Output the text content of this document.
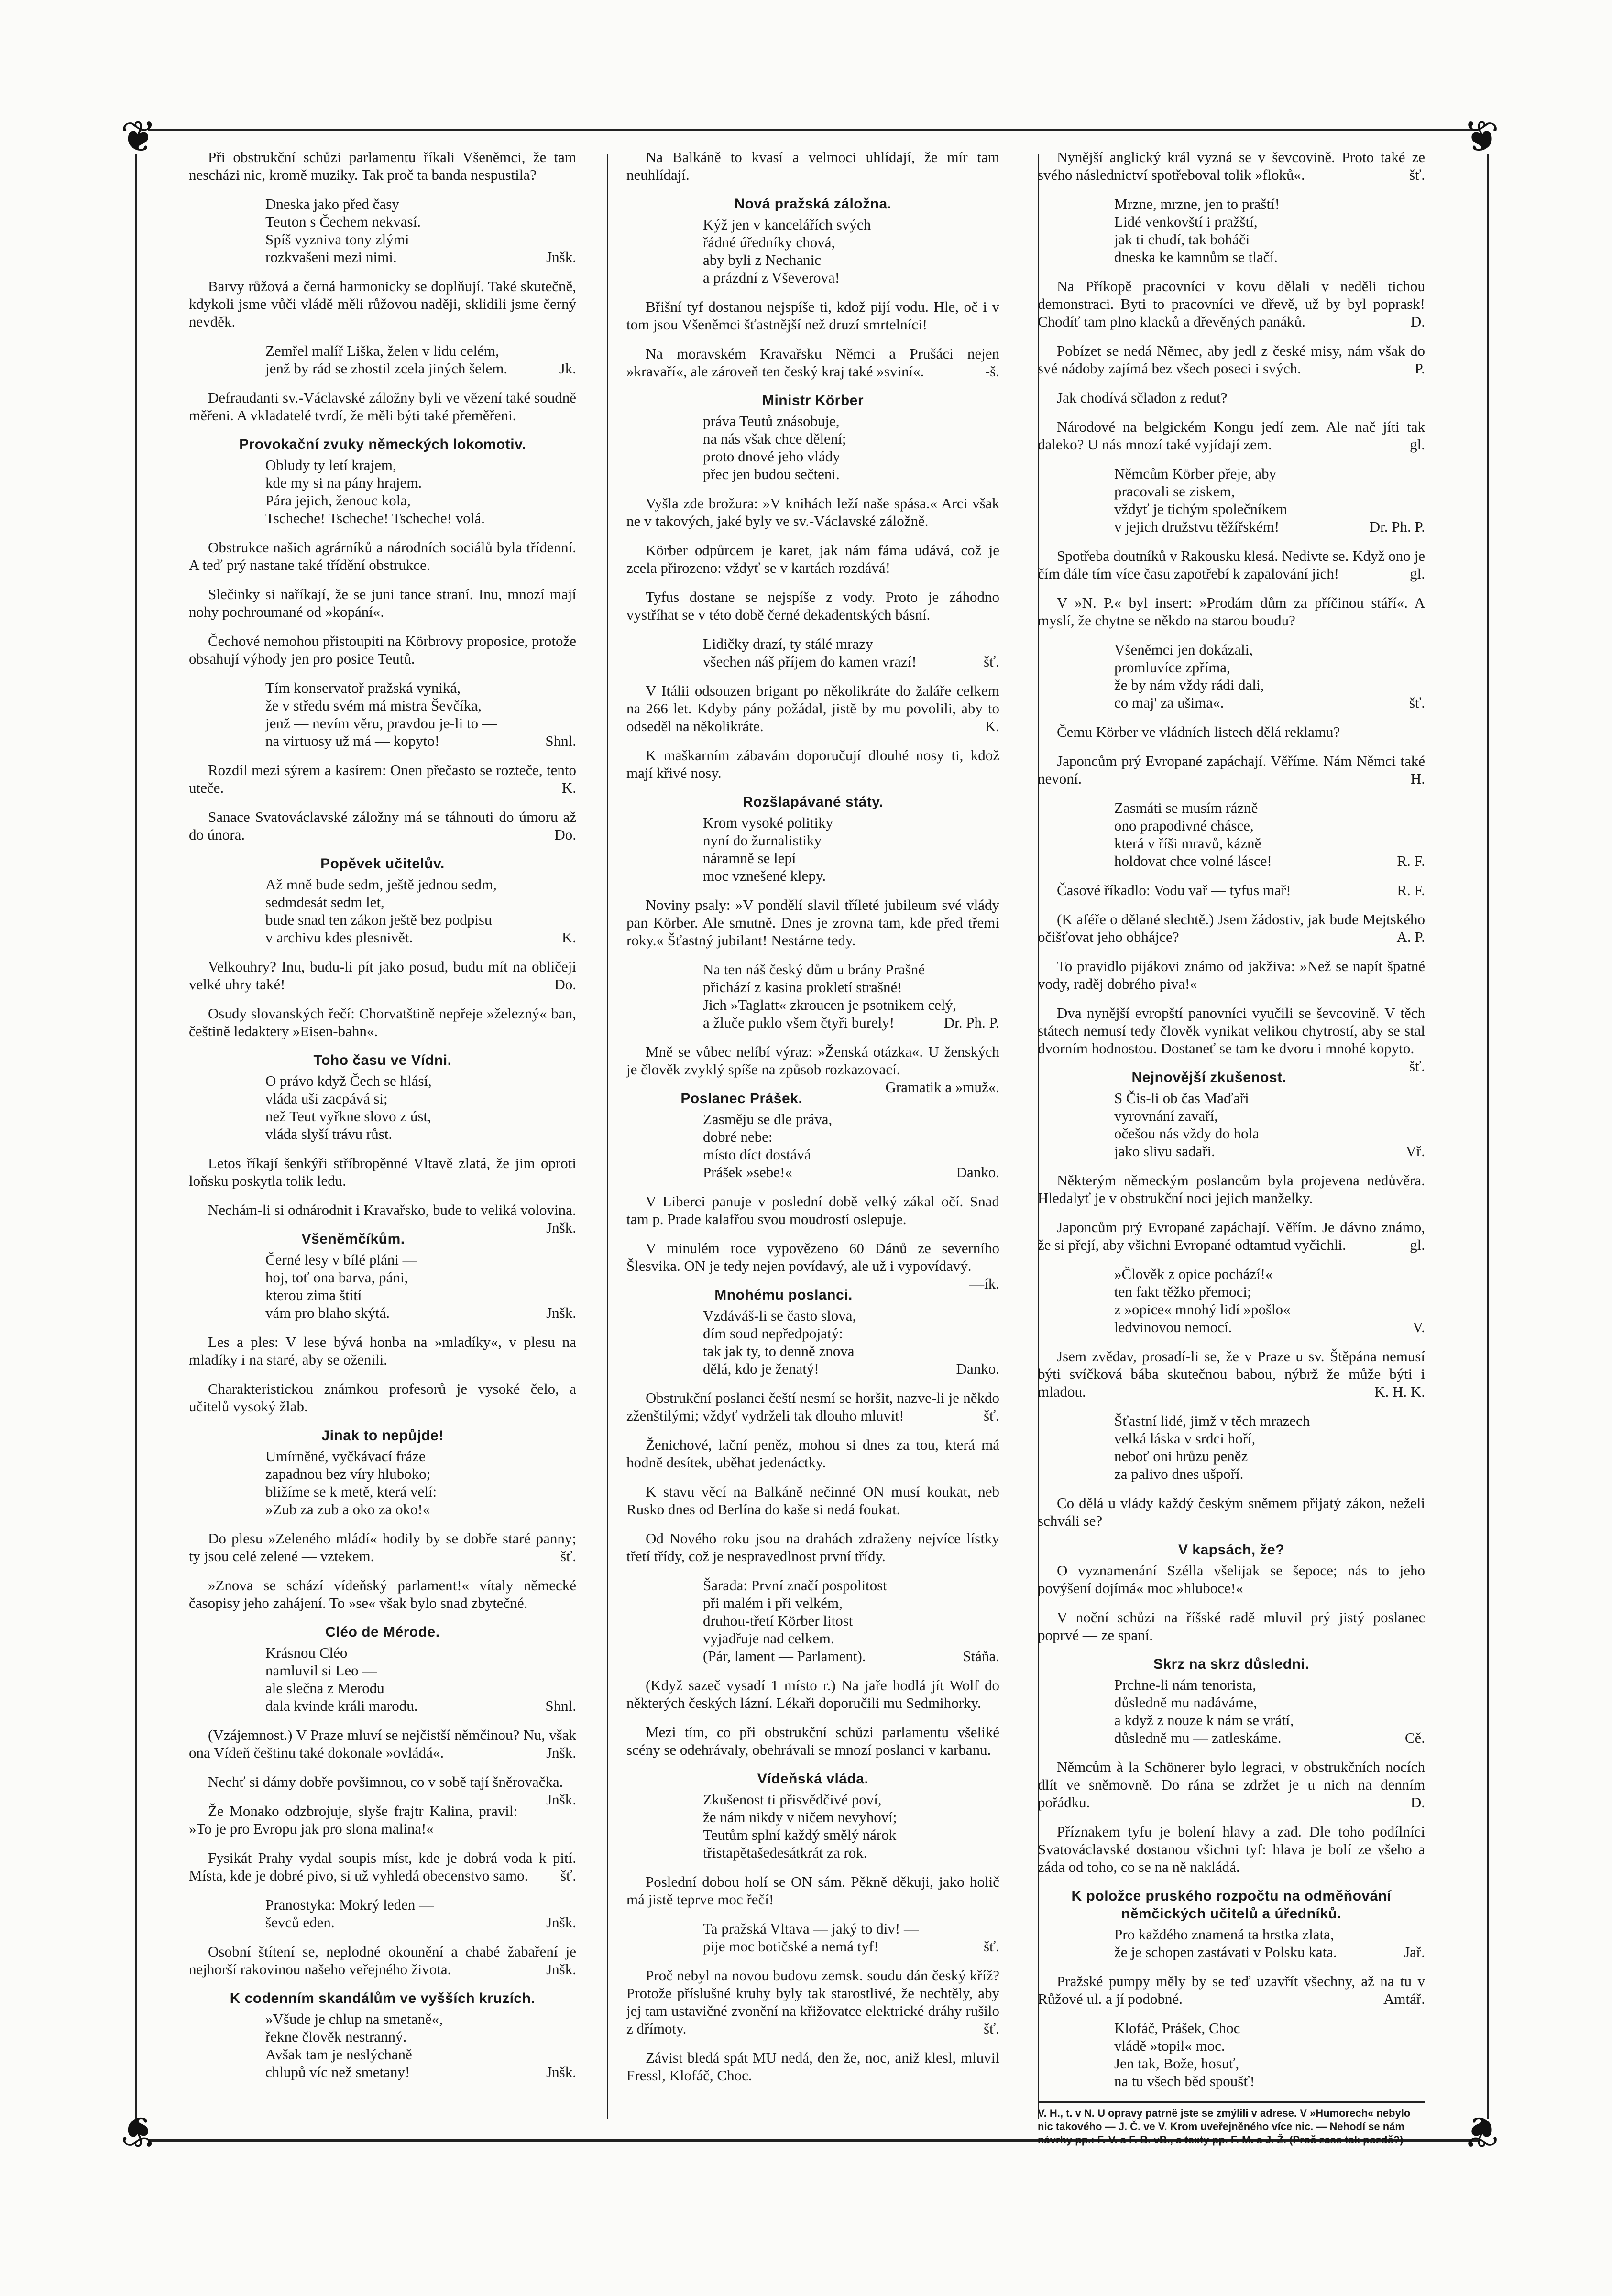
❦	❦
❦	❦

Při obstrukční schůzi parlamentu říkali Všeněmci, že tam nescházi nic, kromě muziky. Tak proč ta banda nespustila?

Dneska jako před časy
Teuton s Čechem nekvasí.
Spíš vyzniva tony zlými
rozkvašeni mezi nimi.	Jnšk.

Barvy růžová a černá harmonicky se doplňují. Také skutečně, kdykoli jsme vůči vládě měli růžovou naději, sklidili jsme černý nevděk.

Zemřel malíř Liška, želen v lidu celém,
jenž by rád se zhostil zcela jiných šelem.	Jk.

Defraudanti sv.-Václavské záložny byli ve vězení také soudně měřeni. A vkladatelé tvrdí, že měli býti také přeměřeni.

Provokační zvuky německých lokomotiv.
Obludy ty letí krajem,
kde my si na pány hrajem.
Pára jejich, ženouc kola,
Tscheche! Tscheche! Tscheche! volá.

Obstrukce našich agrárníků a národních sociálů byla třídenní. A teď prý nastane také třídění obstrukce.

Slečinky si naříkají, že se juni tance straní. Inu, mnozí mají nohy pochroumané od »kopání«.

Čechové nemohou přistoupiti na Körbrovy proposice, protože obsahují výhody jen pro posice Teutů.

Tím konservatoř pražská vyniká,
že v středu svém má mistra Ševčíka,
jenž — nevím věru, pravdou je-li to —
na virtuosy už má — kopyto!	Shnl.

Rozdíl mezi sýrem a kasírem: Onen přečasto se rozteče, tento uteče.	K.

Sanace Svatováclavské záložny má se táhnouti do úmoru až do února.	Do.

Popěvek učitelův.
Až mně bude sedm, ještě jednou sedm,
sedmdesát sedm let,
bude snad ten zákon ještě bez podpisu
v archivu kdes plesnivět.	K.

Velkouhry? Inu, budu-li pít jako posud, budu mít na obličeji velké uhry také!	Do.

Osudy slovanských řečí: Chorvatštině nepřeje »železný« ban, češtině ledaktery »Eisen-bahn«.

Toho času ve Vídni.
O právo když Čech se hlásí,
vláda uši zacpává si;
než Teut vyřkne slovo z úst,
vláda slyší trávu růst.

Letos říkají šenkýři stříbropěnné Vltavě zlatá, že jim oproti loňsku poskytla tolik ledu.

Nechám-li si odnárodnit i Kravařsko, bude to veliká volovina.
Jnšk.

Všeněmčíkům.
Černé lesy v bílé pláni —
hoj, toť ona barva, páni,
kterou zima štítí
vám pro blaho skýtá.	Jnšk.

Les a ples: V lese bývá honba na »mladíky«, v plesu na mladíky i na staré, aby se oženili.

Charakteristickou známkou profesorů je vysoké čelo, a učitelů vysoký žlab.

Jinak to nepůjde!
Umírněné, vyčkávací fráze
zapadnou bez víry hluboko;
bližíme se k metě, která velí:
»Zub za zub a oko za oko!«

Do plesu »Zeleného mládí« hodily by se dobře staré panny; ty jsou celé zelené — vztekem.	šť.

»Znova se schází vídeňský parlament!« vítaly německé časopisy jeho zahájení. To »se« však bylo snad zbytečné.

Cléo de Mérode.
Krásnou Cléo
namluvil si Leo —
ale slečna z Merodu
dala kvinde králi marodu.	Shnl.

(Vzájemnost.) V Praze mluví se nejčistší němčinou? Nu, však ona Vídeň češtinu také dokonale »ovládá«.	Jnšk.

Nechť si dámy dobře povšimnou, co v sobě tají šněrovačka.
Jnšk.

Že Monako odzbrojuje, slyše frajtr Kalina, pravil: »To je pro Evropu jak pro slona malina!«

Fysikát Prahy vydal soupis míst, kde je dobrá voda k pití. Místa, kde je dobré pivo, si už vyhledá obecenstvo samo.	šť.

Pranostyka: Mokrý leden —
ševců eden.	Jnšk.

Osobní štítení se, neplodné okounění a chabé žabaření je nejhorší rakovinou našeho veřejného života.	Jnšk.

K codenním skandálům ve vyšších kruzích.
»Všude je chlup na smetaně«,
řekne člověk nestranný.
Avšak tam je neslýchaně
chlupů víc než smetany!	Jnšk.

Na Balkáně to kvasí a velmoci uhlídají, že mír tam neuhlídají.

Nová pražská záložna.
Kýž jen v kancelářích svých
řádné úředníky chová,
aby byli z Nechanic
a prázdní z Vševerova!

Břišní tyf dostanou nejspíše ti, kdož pijí vodu. Hle, oč i v tom jsou Všeněmci šťastnější než druzí smrtelníci!

Na moravském Kravařsku Němci a Prušáci nejen »kravaří«, ale zároveň ten český kraj také »sviní«.	-š.

Ministr Körber
práva Teutů znásobuje,
na nás však chce dělení;
proto dnové jeho vlády
přec jen budou sečteni.

Vyšla zde brožura: »V knihách leží naše spása.« Arci však ne v takových, jaké byly ve sv.-Václavské záložně.

Körber odpůrcem je karet, jak nám fáma udává, což je zcela přirozeno: vždyť se v kartách rozdává!

Tyfus dostane se nejspíše z vody. Proto je záhodno vystříhat se v této době černé dekadentských básní.

Lidičky drazí, ty stálé mrazy
všechen náš příjem do kamen vrazí!	šť.

V Itálii odsouzen brigant po několikráte do žaláře celkem na 266 let. Kdyby pány požádal, jistě by mu povolili, aby to odseděl na několikráte.	K.

K maškarním zábavám doporučují dlouhé nosy ti, kdož mají křivé nosy.

Rozšlapávané státy.
Krom vysoké politiky
nyní do žurnalistiky
náramně se lepí
moc vznešené klepy.

Noviny psaly: »V pondělí slavil tříleté jubileum své vlády pan Körber. Ale smutně. Dnes je zrovna tam, kde před třemi roky.« Šťastný jubilant! Nestárne tedy.

Na ten náš český dům u brány Prašné
přichází z kasina prokletí strašné!
Jich »Taglatt« zkroucen je psotnikem celý,
a žluče puklo všem čtyři burely!	Dr. Ph. P.

Mně se vůbec nelíbí výraz: »Ženská otázka«. U ženských je člověk zvyklý spíše na způsob rozkazovací.
Gramatik a »muž«.

Poslanec Prášek.
Zasměju se dle práva,
dobré nebe:
místo díct dostává
Prášek »sebe!«	Danko.

V Liberci panuje v poslední době velký zákal očí. Snad tam p. Prade kalafřou svou moudrostí oslepuje.

V minulém roce vypovězeno 60 Dánů ze severního Šlesvika. ON je tedy nejen povídavý, ale už i vypovídavý.
—ík.

Mnohému poslanci.
Vzdáváš-li se často slova,
dím soud nepředpojatý:
tak jak ty, to denně znova
dělá, kdo je ženatý!	Danko.

Obstrukční poslanci čeští nesmí se horšit, nazve-li je někdo zženštilými; vždyť vydrželi tak dlouho mluvit!	šť.

Ženichové, lační peněz, mohou si dnes za tou, která má hodně desítek, uběhat jedenáctky.

K stavu věcí na Balkáně nečinné ON musí koukat, neb Rusko dnes od Berlína do kaše si nedá foukat.

Od Nového roku jsou na drahách zdraženy nejvíce lístky třetí třídy, což je nespravedlnost první třídy.

Šarada: První značí pospolitost
při malém i při velkém,
druhou-třetí Körber litost
vyjadřuje nad celkem.
(Pár, lament — Parlament).	Stáňa.

(Když sazeč vysadí 1 místo r.) Na jaře hodlá jít Wolf do některých českých lázní. Lékaři doporučili mu Sedmihorky.

Mezi tím, co při obstrukční schůzi parlamentu všeliké scény se odehrávaly, obehrávali se mnozí poslanci v karbanu.

Vídeňská vláda.
Zkušenost ti přisvědčivé poví,
že nám nikdy v ničem nevyhoví;
Teutům splní každý smělý nárok
třistapětašedesátkrát za rok.

Poslední dobou holí se ON sám. Pěkně děkuji, jako holič má jistě teprve moc řečí!

Ta pražská Vltava — jaký to div! —
pije moc botičské a nemá tyf!	šť.

Proč nebyl na novou budovu zemsk. soudu dán český kříž? Protože příslušné kruhy byly tak starostlivé, že nechtěly, aby jej tam ustavičné zvonění na křižovatce elektrické dráhy rušilo z dřímoty.	šť.

Závist bledá spát MU nedá, den že, noc, aniž klesl, mluvil Fressl, Klofáč, Choc.

Nynější anglický král vyzná se v ševcovině. Proto také ze svého následnictví spotřeboval tolik »floků«.	šť.

Mrzne, mrzne, jen to praští!
Lidé venkovští i pražští,
jak ti chudí, tak boháči
dneska ke kamnům se tlačí.

Na Příkopě pracovníci v kovu dělali v neděli tichou demonstraci. Byti to pracovníci ve dřevě, už by byl poprask! Chodíť tam plno klacků a dřevěných panáků.	D.

Pobízet se nedá Němec, aby jedl z české misy, nám však do své nádoby zajímá bez všech poseci i svých.	P.

Jak chodívá sčladon z redut?

Národové na belgickém Kongu jedí zem. Ale nač jíti tak daleko? U nás mnozí také vyjídají zem.	gl.

Němcům Körber přeje, aby
pracovali se ziskem,
vždyť je tichým společníkem
v jejich družstvu těžířském!	Dr. Ph. P.

Spotřeba doutníků v Rakousku klesá. Nedivte se. Když ono je čím dále tím více času zapotřebí k zapalování jich!	gl.

V »N. P.« byl insert: »Prodám dům za příčinou stáří«. A myslí, že chytne se někdo na starou boudu?

Všeněmci jen dokázali,
promluvíce zpříma,
že by nám vždy rádi dali,
co maj' za ušima«.	šť.

Čemu Körber ve vládních listech dělá reklamu?

Japoncům prý Evropané zapáchají. Věříme. Nám Němci také nevoní.	H.

Zasmáti se musím rázně
ono prapodivné chásce,
která v říši mravů, kázně
holdovat chce volné lásce!	R. F.

Časové říkadlo: Vodu vař — tyfus mař!	R. F.

(K aféře o dělané slechtě.) Jsem žádostiv, jak bude Mejtského očišťovat jeho obhájce?	A. P.

To pravidlo pijákovi známo od jakživa: »Než se napít špatné vody, raděj dobrého piva!«

Dva nynější evropští panovníci vyučili se ševcovině. V těch státech nemusí tedy člověk vynikat velikou chytrostí, aby se stal dvorním hodnostou. Dostaneť se tam ke dvoru i mnohé kopyto.
šť.

Nejnovější zkušenost.
S Čis-li ob čas Maďaři
vyrovnání zavaří,
očešou nás vždy do hola
jako slivu sadaři.	Vř.

Některým německým poslancům byla projevena nedůvěra. Hledalyť je v obstrukční noci jejich manželky.

Japoncům prý Evropané zapáchají. Věřím. Je dávno známo, že si přejí, aby všichni Evropané odtamtud vyčichli.	gl.

»Člověk z opice pochází!«
ten fakt těžko přemoci;
z »opice« mnohý lidí »pošlo«
ledvinovou nemocí.	V.

Jsem zvědav, prosadí-li se, že v Praze u sv. Štěpána nemusí býti svíčková bába skutečnou babou, nýbrž že může býti i mladou.	K. H. K.

Šťastní lidé, jimž v těch mrazech
velká láska v srdci hoří,
neboť oni hrůzu peněz
za palivo dnes ušpoří.

Co dělá u vlády každý českým sněmem přijatý zákon, neželi schváli se?

V kapsách, že?

O vyznamenání Szélla všelijak se šepoce; nás to jeho povýšení dojímá« moc »hluboce!«

V noční schůzi na říšské radě mluvil prý jistý poslanec poprvé — ze spaní.

Skrz na skrz důsledni.
Prchne-li nám tenorista,
důsledně mu nadáváme,
a když z nouze k nám se vrátí,
důsledně mu — zatleskáme.	Cě.

Němcům à la Schönerer bylo legraci, v obstrukčních nocích dlít ve sněmovně. Do rána se zdržet je u nich na denním pořádku.	D.

Příznakem tyfu je bolení hlavy a zad. Dle toho podílníci Svatováclavské dostanou všichni tyf: hlava je bolí ze všeho a záda od toho, co se na ně nakládá.

K položce pruského rozpočtu na odměňování němčických učitelů a úředníků.
Pro každého znamená ta hrstka zlata,
že je schopen zastávati v Polsku kata.	Jař.

Pražské pumpy měly by se teď uzavřít všechny, až na tu v Růžové ul. a jí podobné.	Amtář.

Klofáč, Prášek, Choc
vládě »topil« moc.
Jen tak, Bože, hosuť,
na tu všech běd spoušť!
V. H., t. v N. U opravy patrně jste se zmýlili v adrese. V »Humorech« nebylo nic takového — J. Č. ve V. Krom uveřejněného více nic. — Nehodí se nám návrhy pp.: F. V. a F. B. vB., a texty pp. F. M. a J. Ž. (Proč zase tak pozdě?)
